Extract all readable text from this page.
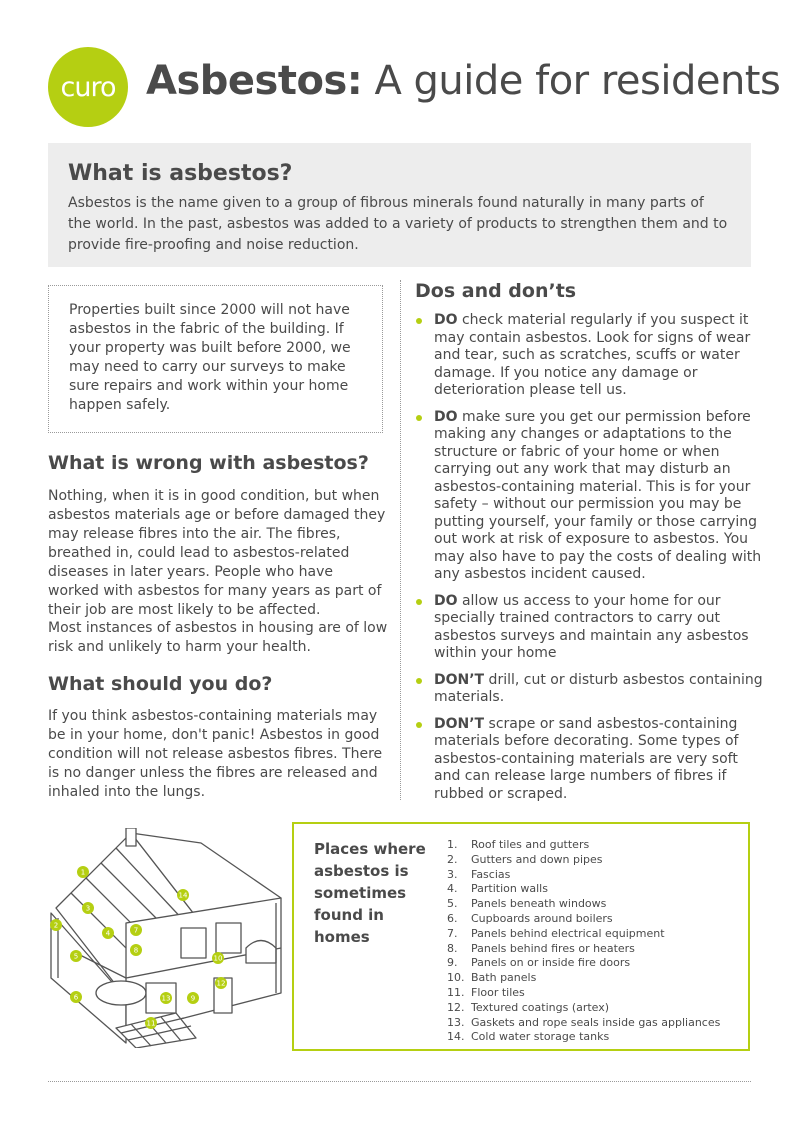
curo Asbestos: A guide for residents
What is asbestos?

Asbestos is the name given to a group of fibrous minerals found naturally in many parts of the world. In the past, asbestos was added to a variety of products to strengthen them and to provide fire-proofing and noise reduction.

Properties built since 2000 will not have asbestos in the fabric of the building. If your property was built before 2000, we may need to carry our surveys to make sure repairs and work within your home happen safely.

What is wrong with asbestos?

Nothing, when it is in good condition, but when asbestos materials age or before damaged they may release fibres into the air. The fibres, breathed in, could lead to asbestos-related diseases in later years. People who have worked with asbestos for many years as part of their job are most likely to be affected.

Most instances of asbestos in housing are of low risk and unlikely to harm your health.

What should you do?

If you think asbestos-containing materials may be in your home, don't panic! Asbestos in good condition will not release asbestos fibres. There is no danger unless the fibres are released and inhaled into the lungs.

Dos and don’ts
DO check material regularly if you suspect it may contain asbestos. Look for signs of wear and tear, such as scratches, scuffs or water damage. If you notice any damage or deterioration please tell us.
DO make sure you get our permission before making any changes or adaptations to the structure or fabric of your home or when carrying out any work that may disturb an asbestos-containing material. This is for your safety – without our permission you may be putting yourself, your family or those carrying out work at risk of exposure to asbestos. You may also have to pay the costs of dealing with any asbestos incident caused.
DO allow us access to your home for our specially trained contractors to carry out asbestos surveys and maintain any asbestos within your home
DON’T drill, cut or disturb asbestos containing materials.
DON’T scrape or sand asbestos-containing materials before decorating. Some types of asbestos-containing materials are very soft and can release large numbers of fibres if rubbed or scraped.
1
2
3
4
5
6
7
8
9
10
11
12
13
14

Places where asbestos is sometimes found in homes

1. Roof tiles and gutters
2. Gutters and down pipes
3. Fascias
4. Partition walls
5. Panels beneath windows
6. Cupboards around boilers
7. Panels behind electrical equipment
8. Panels behind fires or heaters
9. Panels on or inside fire doors
10. Bath panels
11. Floor tiles
12. Textured coatings (artex)
13. Gaskets and rope seals inside gas appliances
14. Cold water storage tanks
